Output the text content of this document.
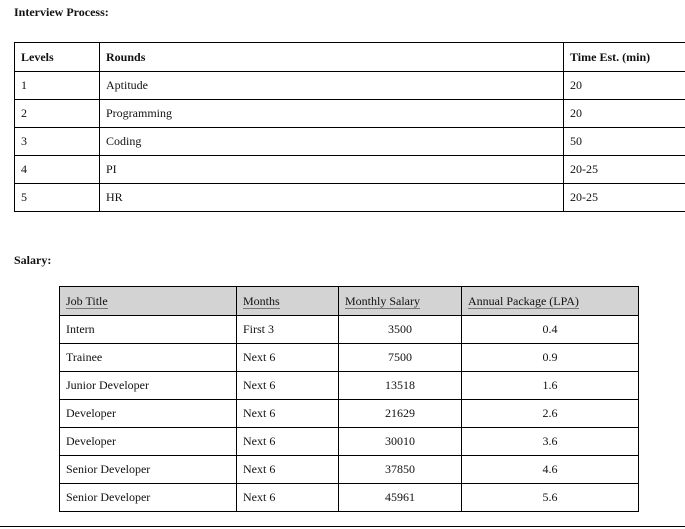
Interview Process:
Levels	Rounds	Time Est. (min)
1	Aptitude	20
2	Programming	20
3	Coding	50
4	PI	20-25
5	HR	20-25
Salary:
Job Title	Months	Monthly Salary	Annual Package (LPA)
Intern	First 3	3500	0.4
Trainee	Next 6	7500	0.9
Junior Developer	Next 6	13518	1.6
Developer	Next 6	21629	2.6
Developer	Next 6	30010	3.6
Senior Developer	Next 6	37850	4.6
Senior Developer	Next 6	45961	5.6
